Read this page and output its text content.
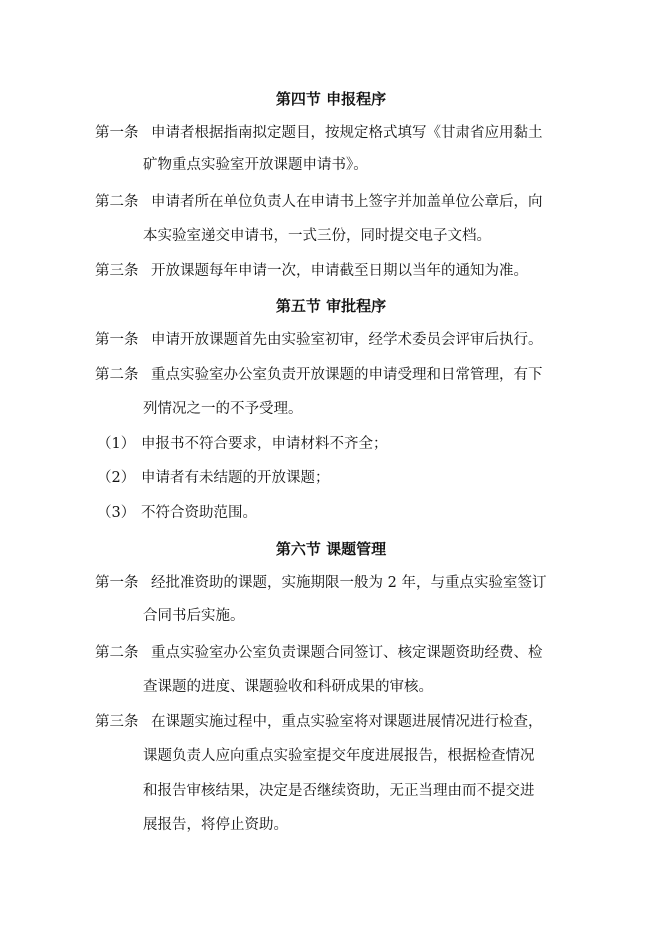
第四节 申报程序
第一条 申请者根据指南拟定题目，按规定格式填写《甘肃省应用黏土
矿物重点实验室开放课题申请书》。
第二条 申请者所在单位负责人在申请书上签字并加盖单位公章后，向
本实验室递交申请书，一式三份，同时提交电子文档。
第三条 开放课题每年申请一次，申请截至日期以当年的通知为准。
第五节 审批程序
第一条 申请开放课题首先由实验室初审，经学术委员会评审后执行。
第二条 重点实验室办公室负责开放课题的申请受理和日常管理，有下
列情况之一的不予受理。
（1） 申报书不符合要求，申请材料不齐全；
（2） 申请者有未结题的开放课题；
（3） 不符合资助范围。
第六节 课题管理
第一条 经批准资助的课题，实施期限一般为 2 年，与重点实验室签订
合同书后实施。
第二条 重点实验室办公室负责课题合同签订、核定课题资助经费、检
查课题的进度、课题验收和科研成果的审核。
第三条 在课题实施过程中，重点实验室将对课题进展情况进行检查，
课题负责人应向重点实验室提交年度进展报告，根据检查情况
和报告审核结果，决定是否继续资助，无正当理由而不提交进
展报告，将停止资助。
